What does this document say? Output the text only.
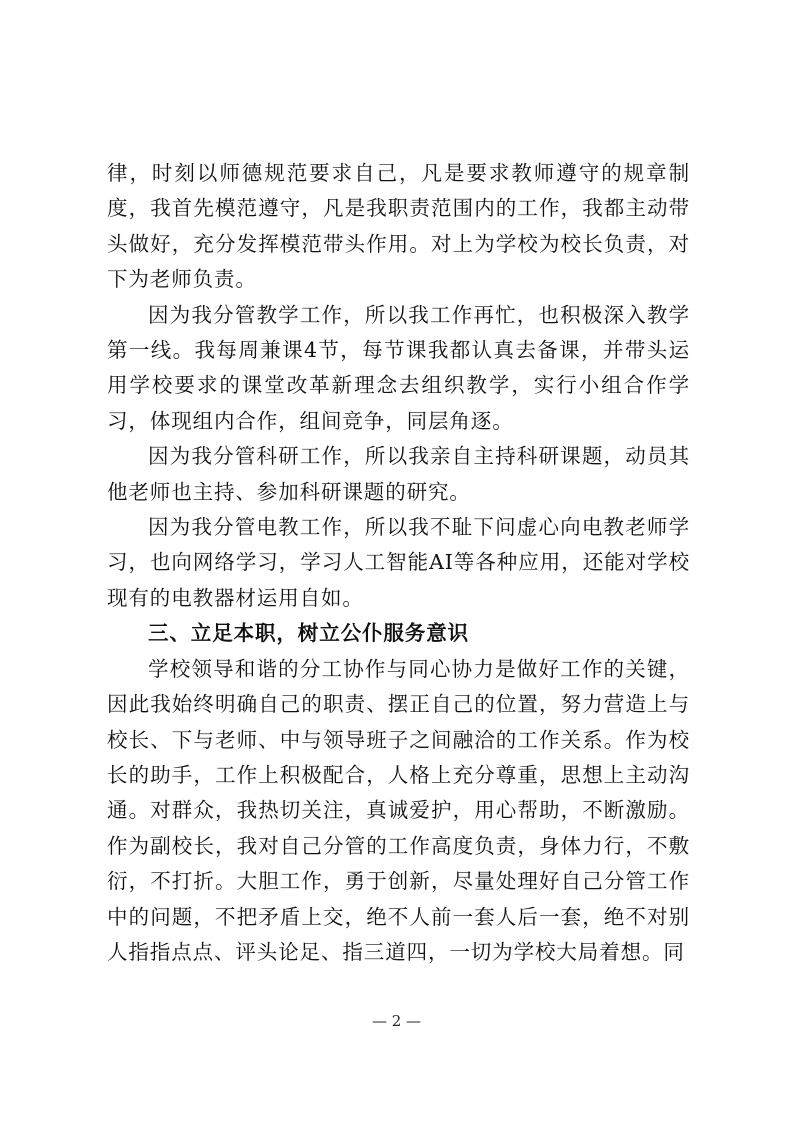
律，时刻以师德规范要求自己，凡是要求教师遵守的规章制度，我首先模范遵守，凡是我职责范围内的工作，我都主动带头做好，充分发挥模范带头作用。对上为学校为校长负责，对下为老师负责。

因为我分管教学工作，所以我工作再忙，也积极深入教学第一线。我每周兼课4节，每节课我都认真去备课，并带头运用学校要求的课堂改革新理念去组织教学，实行小组合作学习，体现组内合作，组间竞争，同层角逐。

因为我分管科研工作，所以我亲自主持科研课题，动员其他老师也主持、参加科研课题的研究。

因为我分管电教工作，所以我不耻下问虚心向电教老师学习，也向网络学习，学习人工智能AI等各种应用，还能对学校现有的电教器材运用自如。

三、立足本职，树立公仆服务意识

学校领导和谐的分工协作与同心协力是做好工作的关键，因此我始终明确自己的职责、摆正自己的位置，努力营造上与校长、下与老师、中与领导班子之间融洽的工作关系。作为校长的助手，工作上积极配合，人格上充分尊重，思想上主动沟通。对群众，我热切关注，真诚爱护，用心帮助，不断激励。作为副校长，我对自己分管的工作高度负责，身体力行，不敷衍，不打折。大胆工作，勇于创新，尽量处理好自己分管工作中的问题，不把矛盾上交，绝不人前一套人后一套，绝不对别人指指点点、评头论足、指三道四，一切为学校大局着想。同

— 2 —
